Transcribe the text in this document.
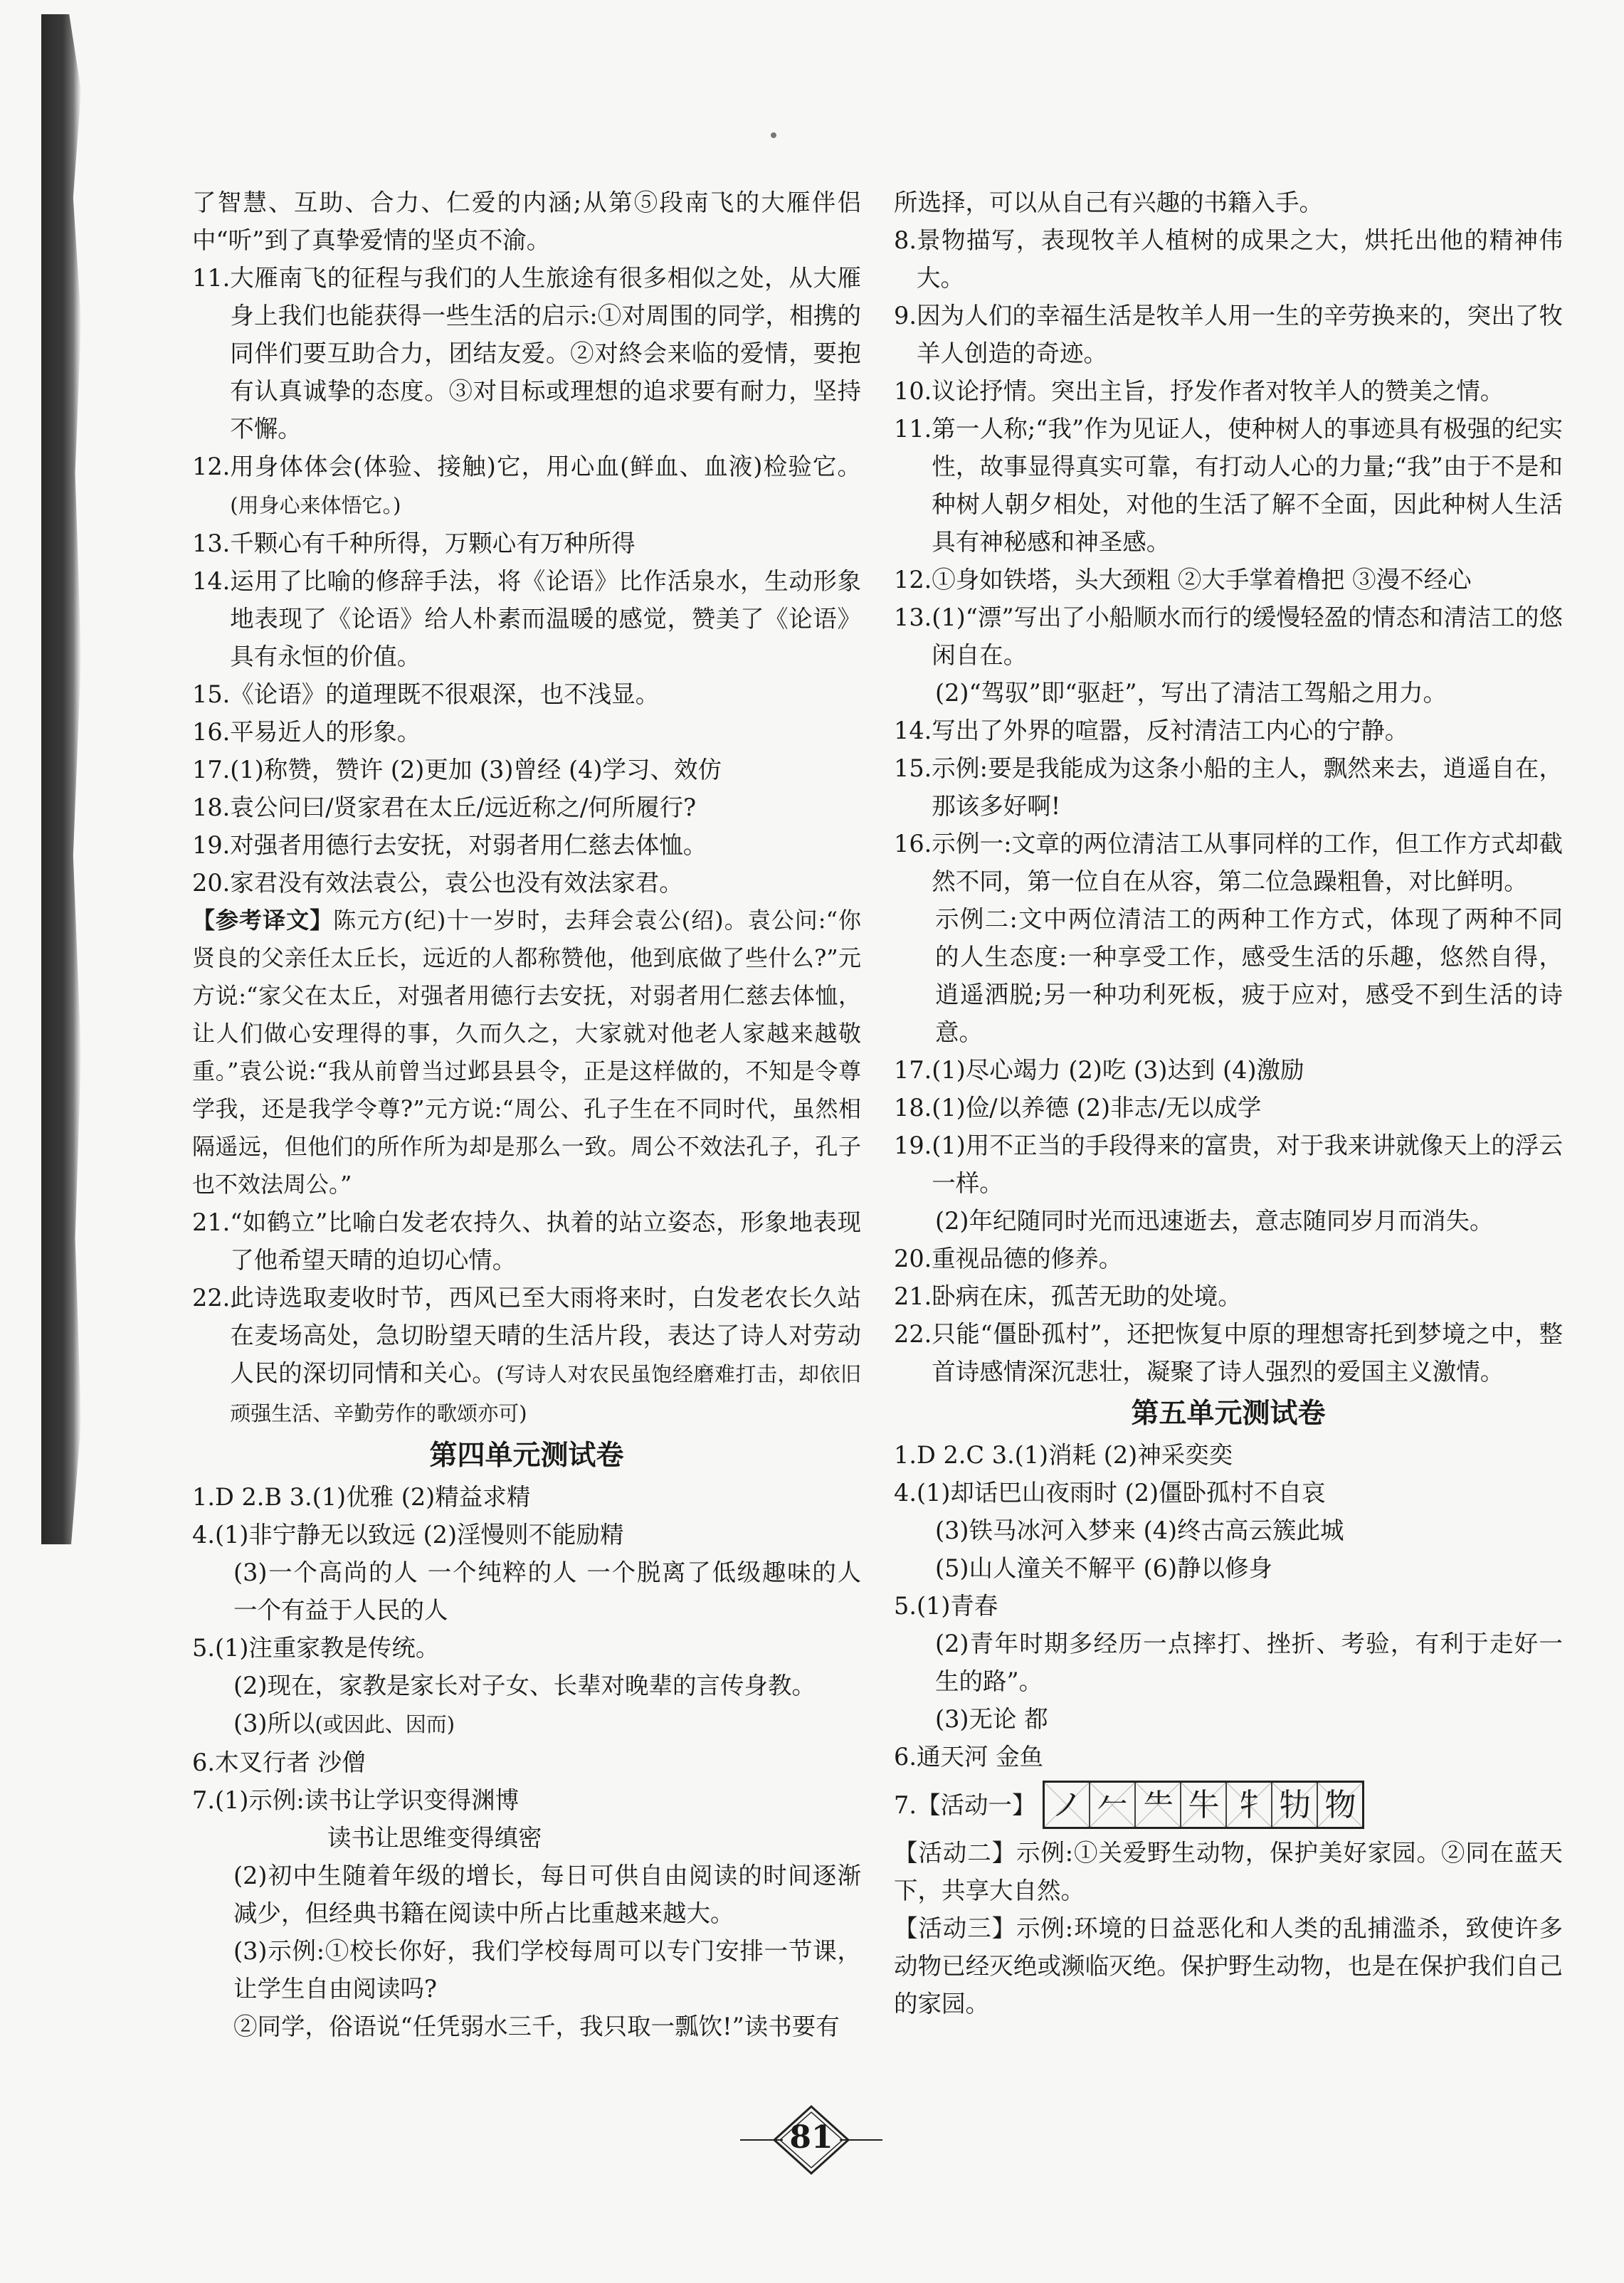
了智慧、互助、合力、仁爱的内涵;从第⑤段南飞的大雁伴侣中“听”到了真挚爱情的坚贞不渝。
11. 大雁南飞的征程与我们的人生旅途有很多相似之处，从大雁身上我们也能获得一些生活的启示:①对周围的同学，相携的同伴们要互助合力，团结友爱。②对終会来临的爱情，要抱有认真诚挚的态度。③对目标或理想的追求要有耐力，坚持不懈。
12. 用身体体会(体验、接触)它，用心血(鲜血、血液)检验它。(用身心来体悟它。)
13. 千颗心有千种所得，万颗心有万种所得
14. 运用了比喻的修辞手法，将《论语》比作活泉水，生动形象地表现了《论语》给人朴素而温暖的感觉，赞美了《论语》具有永恒的价值。
15. 《论语》的道理既不很艰深，也不浅显。
16. 平易近人的形象。
17. (1)称赞，赞许 (2)更加 (3)曾经 (4)学习、效仿
18. 袁公问曰/贤家君在太丘/远近称之/何所履行?
19. 对强者用德行去安抚，对弱者用仁慈去体恤。
20. 家君没有效法袁公，袁公也没有效法家君。
【参考译文】陈元方(纪)十一岁时，去拜会袁公(绍)。袁公问:“你贤良的父亲任太丘长，远近的人都称赞他，他到底做了些什么?”元方说:“家父在太丘，对强者用德行去安抚，对弱者用仁慈去体恤，让人们做心安理得的事，久而久之，大家就对他老人家越来越敬重。”袁公说:“我从前曾当过邺县县令，正是这样做的，不知是令尊学我，还是我学令尊?”元方说:“周公、孔子生在不同时代，虽然相隔遥远，但他们的所作所为却是那么一致。周公不效法孔子，孔子也不效法周公。”
21. “如鹤立”比喻白发老农持久、执着的站立姿态，形象地表现了他希望天晴的迫切心情。
22. 此诗选取麦收时节，西风已至大雨将来时，白发老农长久站在麦场高处，急切盼望天晴的生活片段，表达了诗人对劳动人民的深切同情和关心。(写诗人对农民虽饱经磨难打击，却依旧顽强生活、辛勤劳作的歌颂亦可)
第四单元测试卷
1.D 2.B 3.(1)优雅 (2)精益求精
4. (1)非宁静无以致远 (2)淫慢则不能励精
(3)一个高尚的人 一个纯粹的人 一个脱离了低级趣味的人 一个有益于人民的人
5. (1)注重家教是传统。
(2)现在，家教是家长对子女、长辈对晚辈的言传身教。
(3)所以(或因此、因而)
6. 木叉行者 沙僧
7. (1)示例:读书让学识变得渊博
读书让思维变得缜密
(2)初中生随着年级的增长，每日可供自由阅读的时间逐渐减少，但经典书籍在阅读中所占比重越来越大。
(3)示例:①校长你好，我们学校每周可以专门安排一节课，让学生自由阅读吗?
②同学，俗语说“任凭弱水三千，我只取一瓢饮!”读书要有
所选择，可以从自己有兴趣的书籍入手。
8. 景物描写，表现牧羊人植树的成果之大，烘托出他的精神伟大。
9. 因为人们的幸福生活是牧羊人用一生的辛劳换来的，突出了牧羊人创造的奇迹。
10. 议论抒情。突出主旨，抒发作者对牧羊人的赞美之情。
11. 第一人称;“我”作为见证人，使种树人的事迹具有极强的纪实性，故事显得真实可靠，有打动人心的力量;“我”由于不是和种树人朝夕相处，对他的生活了解不全面，因此种树人生活具有神秘感和神圣感。
12. ①身如铁塔，头大颈粗 ②大手掌着橹把 ③漫不经心
13. (1)“漂”写出了小船顺水而行的缓慢轻盈的情态和清洁工的悠闲自在。
(2)“驾驭”即“驱赶”，写出了清洁工驾船之用力。
14. 写出了外界的喧嚣，反衬清洁工内心的宁静。
15. 示例:要是我能成为这条小船的主人，飘然来去，逍遥自在，那该多好啊!
16. 示例一:文章的两位清洁工从事同样的工作，但工作方式却截然不同，第一位自在从容，第二位急躁粗鲁，对比鲜明。
示例二:文中两位清洁工的两种工作方式，体现了两种不同的人生态度:一种享受工作，感受生活的乐趣，悠然自得，逍遥洒脱;另一种功利死板，疲于应对，感受不到生活的诗意。
17. (1)尽心竭力 (2)吃 (3)达到 (4)激励
18. (1)俭/以养德 (2)非志/无以成学
19. (1)用不正当的手段得来的富贵，对于我来讲就像天上的浮云一样。
(2)年纪随同时光而迅速逝去，意志随同岁月而消失。
20. 重视品德的修养。
21. 卧病在床，孤苦无助的处境。
22. 只能“僵卧孤村”，还把恢复中原的理想寄托到梦境之中，整首诗感情深沉悲壮，凝聚了诗人强烈的爱国主义激情。
第五单元测试卷
1.D 2.C 3.(1)消耗 (2)神采奕奕
4. (1)却话巴山夜雨时 (2)僵卧孤村不自哀
(3)铁马冰河入梦来 (4)终古高云簇此城
(5)山人潼关不解平 (6)静以修身
5. (1)青春
(2)青年时期多经历一点摔打、挫折、考验，有利于走好一生的路”。
(3)无论 都
6. 通天河 金鱼
7.【活动一】 ノ 𠂉 ⺧ 牛 牜 牞 物
【活动二】示例:①关爱野生动物，保护美好家园。②同在蓝天下，共享大自然。
【活动三】示例:环境的日益恶化和人类的乱捕滥杀，致使许多动物已经灭绝或濒临灭绝。保护野生动物，也是在保护我们自己的家园。
81
